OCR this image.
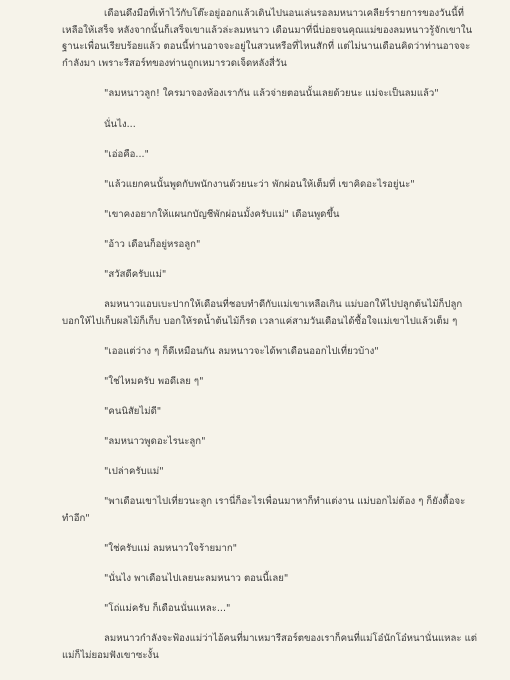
เดือนดึงมือที่เท้าไว้กับโต๊ะอยู่ออกแล้วเดินไปนอนเล่นรอลมหนาวเคลียร์รายการของวันนี้ที่
เหลือให้เสร็จ หลังจากนั้นก็เสร็จเขาแล้วล่ะลมหนาว เดือนมาที่นี่บ่อยจนคุณแม่ของลมหนาวรู้จักเขาใน
ฐานะเพื่อนเรียบร้อยแล้ว ตอนนี้ท่านอาจจะอยู่ในสวนหรือที่ไหนสักที่ แต่ไม่นานเดือนคิดว่าท่านอาจจะ
กำลังมา เพราะรีสอร์ทของท่านถูกเหมารวดเจ็ดหลังสี่วัน

"ลมหนาวลูก! ใครมาจองห้องเรากัน แล้วจ่ายตอนนั้นเลยด้วยนะ แม่จะเป็นลมแล้ว"

นั่นไง...

"เอ่อคือ..."

"แล้วแยกคนนั้นพูดกับพนักงานด้วยนะว่า พักผ่อนให้เต็มที่ เขาคิดอะไรอยู่นะ"

"เขาคงอยากให้แผนกบัญชีพักผ่อนมั้งครับแม่" เดือนพูดขึ้น

"อ้าว เดือนก็อยู่หรอลูก"

"สวัสดีครับแม่"

ลมหนาวแอบเบะปากให้เดือนที่ชอบทำดีกับแม่เขาเหลือเกิน แม่บอกให้ไปปลูกต้นไม้ก็ปลูก
บอกให้ไปเก็บผลไม้ก็เก็บ บอกให้รดน้ำต้นไม้ก็รด เวลาแค่สามวันเดือนได้ซื้อใจแม่เขาไปแล้วเต็ม ๆ

"เออแต่ว่าง ๆ ก็ดีเหมือนกัน ลมหนาวจะได้พาเดือนออกไปเที่ยวบ้าง"

"ใช่ไหมครับ พอดีเลย ๆ"

"คนนิสัยไม่ดี"

"ลมหนาวพูดอะไรนะลูก"

"เปล่าครับแม่"

"พาเดือนเขาไปเที่ยวนะลูก เรานี่ก็อะไรเพื่อนมาหาก็ทำแต่งาน แม่บอกไม่ต้อง ๆ ก็ยังดื้อจะ
ทำอีก"

"ใช่ครับแม่ ลมหนาวใจร้ายมาก"

"นั่นไง พาเดือนไปเลยนะลมหนาว ตอนนี้เลย"

"โถ่แม่ครับ ก็เดือนนั่นแหละ..."

ลมหนาวกำลังจะฟ้องแม่ว่าไอ้คนที่มาเหมารีสอร์ตของเราก็คนที่แม่โอ๋นักโอ๋หนานั่นแหละ แต่
แม่ก็ไม่ยอมฟังเขาซะงั้น
